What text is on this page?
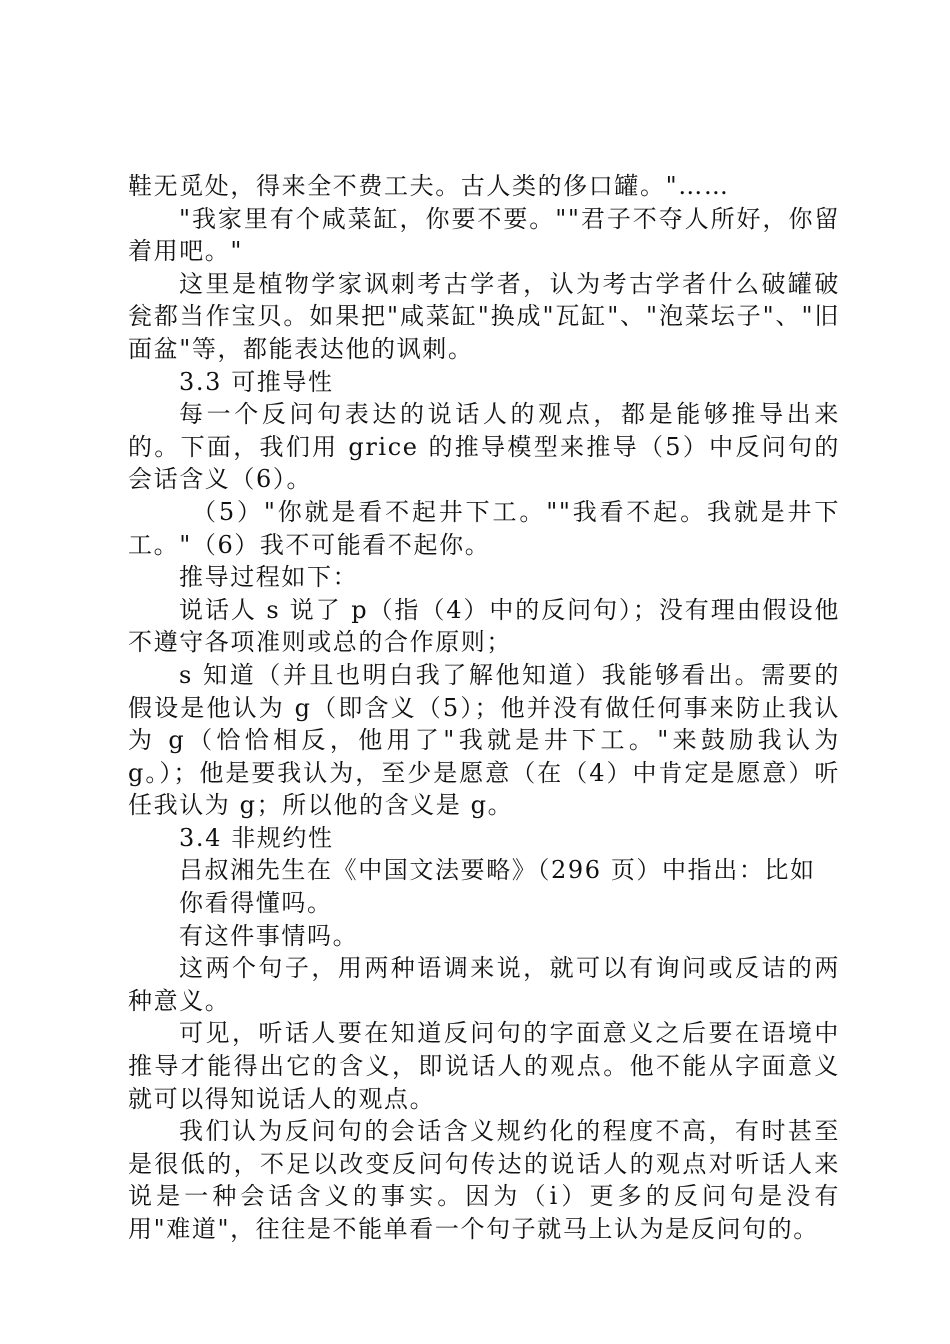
鞋无觅处，得来全不费工夫。古人类的侈口罐。"……

"我家里有个咸菜缸，你要不要。""君子不夺人所好，你留着用吧。"

这里是植物学家讽刺考古学者，认为考古学者什么破罐破瓮都当作宝贝。如果把"咸菜缸"换成"瓦缸"、"泡菜坛子"、"旧面盆"等，都能表达他的讽刺。

3.3 可推导性

每一个反问句表达的说话人的观点，都是能够推导出来的。下面，我们用 grice 的推导模型来推导（5）中反问句的会话含义（6）。

（5）"你就是看不起井下工。""我看不起。我就是井下工。"（6）我不可能看不起你。

推导过程如下：

说话人 s 说了 p（指（4）中的反问句）；没有理由假设他不遵守各项准则或总的合作原则；

s 知道（并且也明白我了解他知道）我能够看出。需要的假设是他认为 g（即含义（5）；他并没有做任何事来防止我认为 g（恰恰相反，他用了"我就是井下工。"来鼓励我认为 g。）；他是要我认为，至少是愿意（在（4）中肯定是愿意）听任我认为 g；所以他的含义是 g。

3.4 非规约性

吕叔湘先生在《中国文法要略》（296 页）中指出：比如

你看得懂吗。

有这件事情吗。

这两个句子，用两种语调来说，就可以有询问或反诘的两种意义。

可见，听话人要在知道反问句的字面意义之后要在语境中推导才能得出它的含义，即说话人的观点。他不能从字面意义就可以得知说话人的观点。

我们认为反问句的会话含义规约化的程度不高，有时甚至是很低的，不足以改变反问句传达的说话人的观点对听话人来说是一种会话含义的事实。因为（ⅰ）更多的反问句是没有用"难道"，往往是不能单看一个句子就马上认为是反问句的。
